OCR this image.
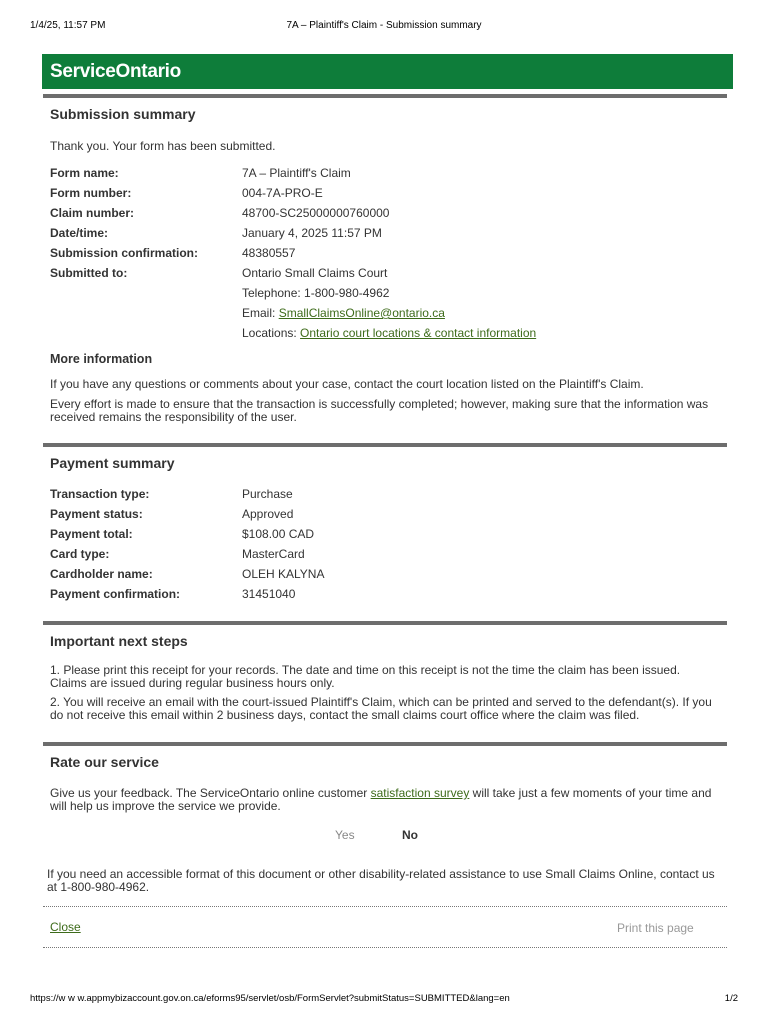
1/4/25, 11:57 PM	7A – Plaintiff's Claim - Submission summary
ServiceOntario
Submission summary
Thank you. Your form has been submitted.
Form name:	7A – Plaintiff's Claim
Form number:	004-7A-PRO-E
Claim number:	48700-SC25000000760000
Date/time:	January 4, 2025 11:57 PM
Submission confirmation:	48380557
Submitted to:	Ontario Small Claims Court
Telephone: 1-800-980-4962
Email: SmallClaimsOnline@ontario.ca
Locations: Ontario court locations & contact information
More information
If you have any questions or comments about your case, contact the court location listed on the Plaintiff's Claim.
Every effort is made to ensure that the transaction is successfully completed; however, making sure that the information was received remains the responsibility of the user.
Payment summary
Transaction type:	Purchase
Payment status:	Approved
Payment total:	$108.00 CAD
Card type:	MasterCard
Cardholder name:	OLEH KALYNA
Payment confirmation:	31451040
Important next steps
1. Please print this receipt for your records. The date and time on this receipt is not the time the claim has been issued. Claims are issued during regular business hours only.
2. You will receive an email with the court-issued Plaintiff's Claim, which can be printed and served to the defendant(s). If you do not receive this email within 2 business days, contact the small claims court office where the claim was filed.
Rate our service
Give us your feedback. The ServiceOntario online customer satisfaction survey will take just a few moments of your time and will help us improve the service we provide.
Yes	No
If you need an accessible format of this document or other disability-related assistance to use Small Claims Online, contact us at 1-800-980-4962.
Close	Print this page
https://w w w.appmybizaccount.gov.on.ca/eforms95/servlet/osb/FormServlet?submitStatus=SUBMITTED&lang=en	1/2
